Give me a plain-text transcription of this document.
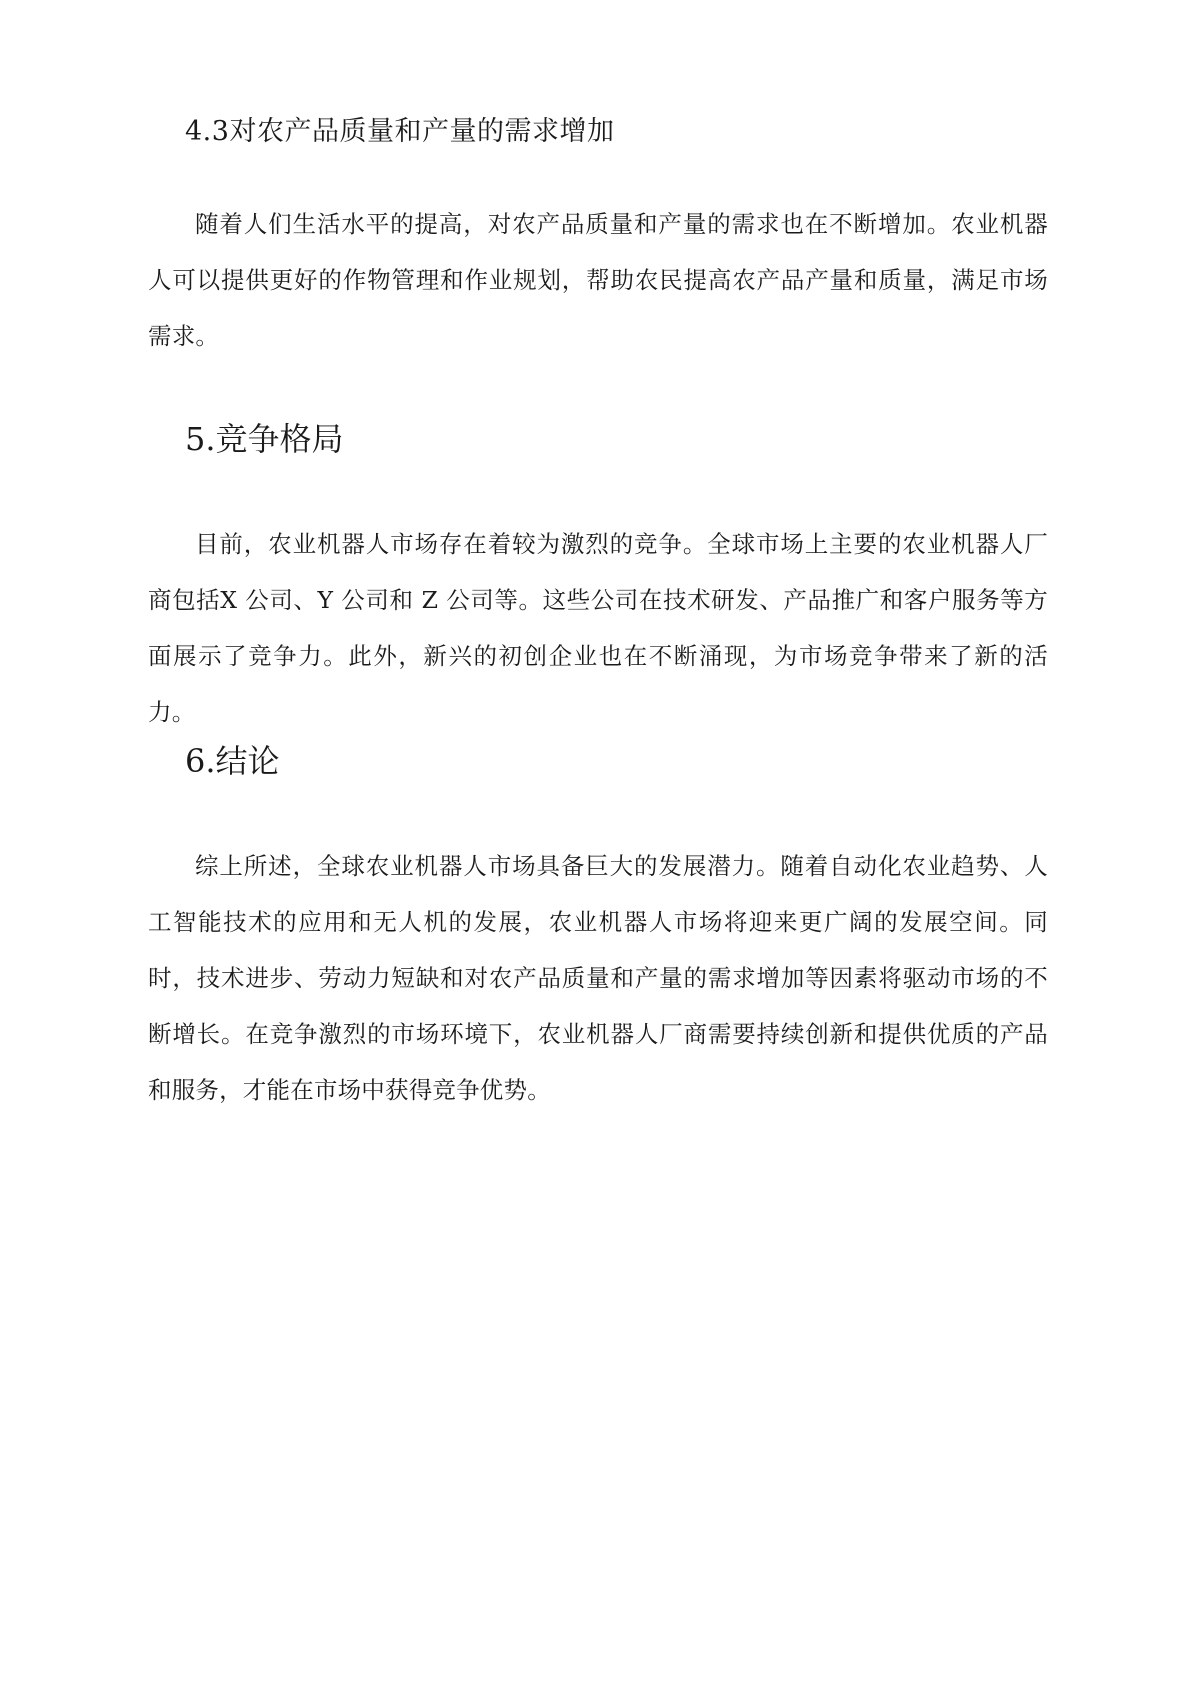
4.3对农产品质量和产量的需求增加

随着人们生活水平的提高，对农产品质量和产量的需求也在不断增加。农业机器人可以提供更好的作物管理和作业规划，帮助农民提高农产品产量和质量，满足市场需求。

5.竞争格局

目前，农业机器人市场存在着较为激烈的竞争。全球市场上主要的农业机器人厂商包括X 公司、Y 公司和 Z 公司等。这些公司在技术研发、产品推广和客户服务等方面展示了竞争力。此外，新兴的初创企业也在不断涌现，为市场竞争带来了新的活力。

6.结论

综上所述，全球农业机器人市场具备巨大的发展潜力。随着自动化农业趋势、人工智能技术的应用和无人机的发展，农业机器人市场将迎来更广阔的发展空间。同时，技术进步、劳动力短缺和对农产品质量和产量的需求增加等因素将驱动市场的不断增长。在竞争激烈的市场环境下，农业机器人厂商需要持续创新和提供优质的产品和服务，才能在市场中获得竞争优势。
